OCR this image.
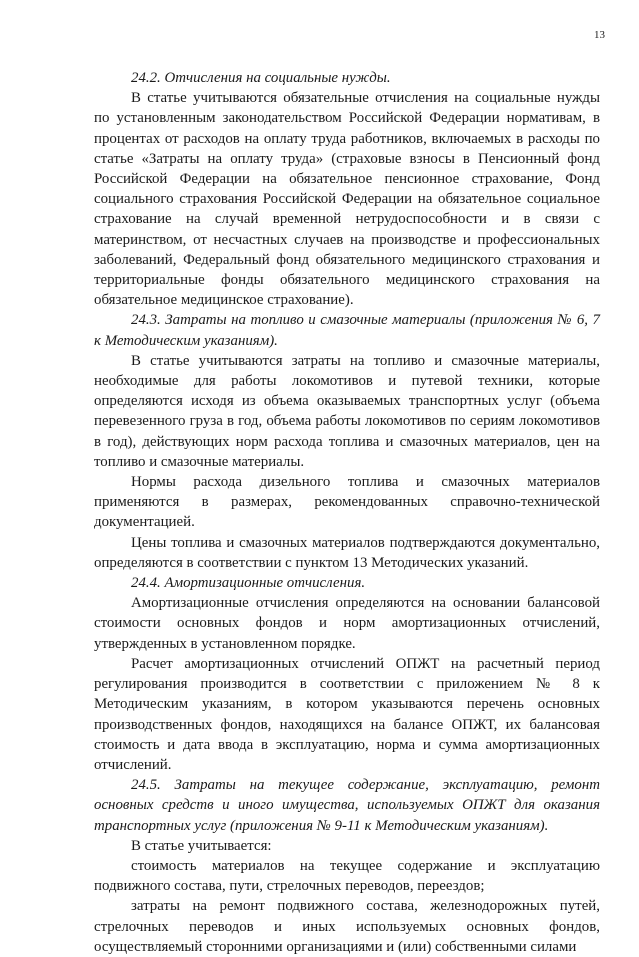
13

24.2. Отчисления на социальные нужды.

В статье учитываются обязательные отчисления на социальные нужды по установленным законодательством Российской Федерации нормативам, в процентах от расходов на оплату труда работников, включаемых в расходы по статье «Затраты на оплату труда» (страховые взносы в Пенсионный фонд Российской Федерации на обязательное пенсионное страхование, Фонд социального страхования Российской Федерации на обязательное социальное страхование на случай временной нетрудоспособности и в связи с материнством, от несчастных случаев на производстве и профессиональных заболеваний, Федеральный фонд обязательного медицинского страхования и территориальные фонды обязательного медицинского страхования на обязательное медицинское страхование).

24.3. Затраты на топливо и смазочные материалы (приложения № 6, 7 к Методическим указаниям).

В статье учитываются затраты на топливо и смазочные материалы, необходимые для работы локомотивов и путевой техники, которые определяются исходя из объема оказываемых транспортных услуг (объема перевезенного груза в год, объема работы локомотивов по сериям локомотивов в год), действующих норм расхода топлива и смазочных материалов, цен на топливо и смазочные материалы.

Нормы расхода дизельного топлива и смазочных материалов применяются в размерах, рекомендованных справочно-технической документацией.

Цены топлива и смазочных материалов подтверждаются документально, определяются в соответствии с пунктом 13 Методических указаний.

24.4. Амортизационные отчисления.

Амортизационные отчисления определяются на основании балансовой стоимости основных фондов и норм амортизационных отчислений, утвержденных в установленном порядке.

Расчет амортизационных отчислений ОПЖТ на расчетный период регулирования производится в соответствии с приложением № 8 к Методическим указаниям, в котором указываются перечень основных производственных фондов, находящихся на балансе ОПЖТ, их балансовая стоимость и дата ввода в эксплуатацию, норма и сумма амортизационных отчислений.

24.5. Затраты на текущее содержание, эксплуатацию, ремонт основных средств и иного имущества, используемых ОПЖТ для оказания транспортных услуг (приложения № 9-11 к Методическим указаниям).

В статье учитывается:

стоимость материалов на текущее содержание и эксплуатацию подвижного состава, пути, стрелочных переводов, переездов;

затраты на ремонт подвижного состава, железнодорожных путей, стрелочных переводов и иных используемых основных фондов, осуществляемый сторонними организациями и (или) собственными силами
